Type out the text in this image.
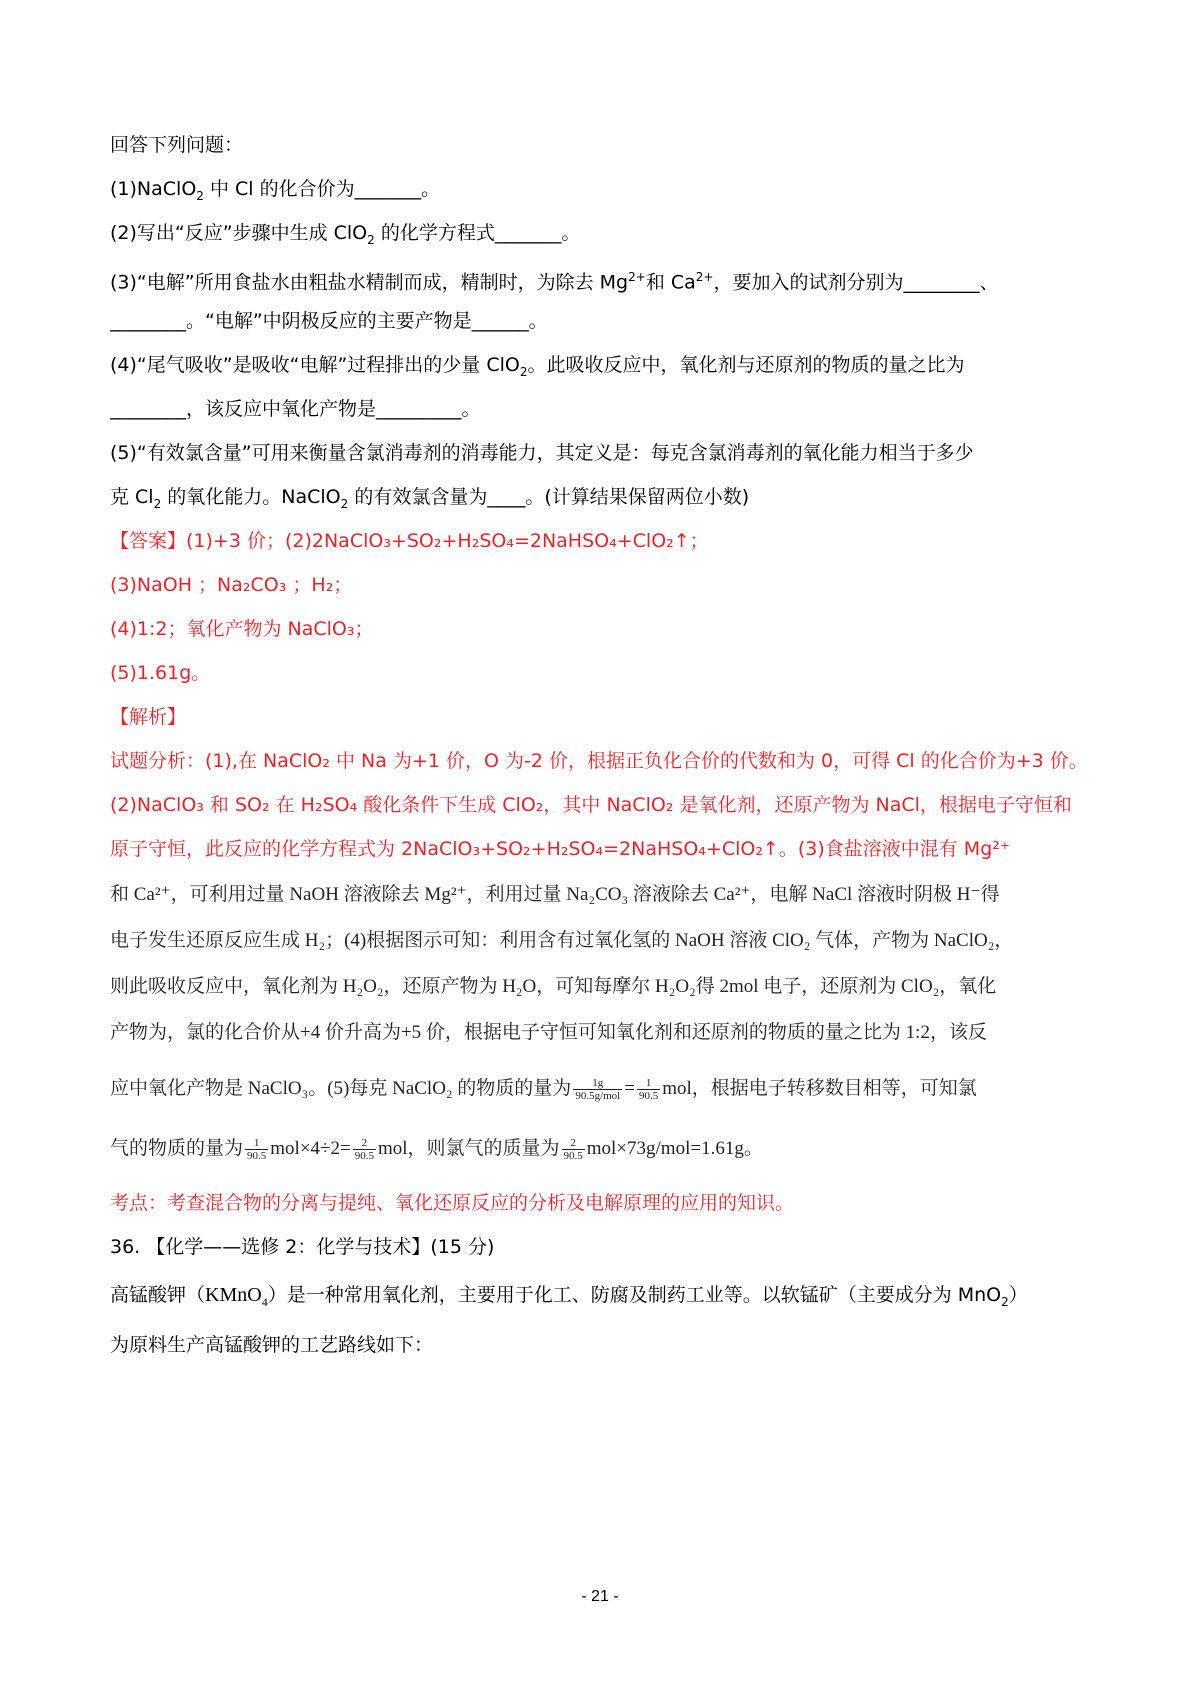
回答下列问题：
(1)NaClO$_2$ 中 Cl 的化合价为_______。
(2)写出“反应”步骤中生成 ClO$_2$ 的化学方程式_______。
(3)“电解”所用食盐水由粗盐水精制而成，精制时，为除去 $Mg^{2+}$和 $Ca^{2+}$，要加入的试剂分别为________、
________。“电解”中阴极反应的主要产物是______。
(4)“尾气吸收”是吸收“电解”过程排出的少量 ClO$_2$。此吸收反应中，氧化剂与还原剂的物质的量之比为
________，该反应中氧化产物是_________。
(5)“有效氯含量”可用来衡量含氯消毒剂的消毒能力，其定义是：每克含氯消毒剂的氧化能力相当于多少
克 $Cl_2$ 的氧化能力。NaClO$_2$ 的有效氯含量为____。(计算结果保留两位小数)
【答案】(1)+3 价；(2)2NaClO₃+SO₂+H₂SO₄=2NaHSO₄+ClO₂↑；
(3)NaOH ；Na₂CO₃ ；H₂；
(4)1:2；氧化产物为 NaClO₃；
(5)1.61g。
【解析】
试题分析：(1),在 NaClO₂ 中 Na 为+1 价，O 为-2 价，根据正负化合价的代数和为 0，可得 Cl 的化合价为+3 价。
(2)NaClO₃ 和 SO₂ 在 H₂SO₄ 酸化条件下生成 ClO₂，其中 NaClO₂ 是氧化剂，还原产物为 NaCl，根据电子守恒和
原子守恒，此反应的化学方程式为 2NaClO₃+SO₂+H₂SO₄=2NaHSO₄+ClO₂↑。(3)食盐溶液中混有 Mg²⁺
和 Ca²⁺，可利用过量 NaOH 溶液除去 Mg²⁺，利用过量 Na₂CO₃ 溶液除去 Ca²⁺，电解 NaCl 溶液时阴极 H⁻得
电子发生还原反应生成 H₂；(4)根据图示可知：利用含有过氧化氢的 NaOH 溶液 ClO₂ 气体，产物为 NaClO₂，
则此吸收反应中，氧化剂为 H₂O₂，还原产物为 H₂O，可知每摩尔 H₂O₂得 2mol 电子，还原剂为 ClO₂，氧化
产物为，氯的化合价从+4 价升高为+5 价，根据电子守恒可知氧化剂和还原剂的物质的量之比为 1:2，该反
应中氧化产物是 NaClO₃。(5)每克 NaClO₂ 的物质的量为 $\frac{1g}{\text{90.5g/mol}} = \frac{1}{90.5}$ mol，根据电子转移数目相等，可知氯
气的物质的量为 $\frac{1}{90.5} mol\times 4\div 2= \frac{2}{90.5}$ mol，则氯气的质量为 $\frac{2}{90.5} mol\times 73g/mol=1.61g$。
考点：考查混合物的分离与提纯、氧化还原反应的分析及电解原理的应用的知识。
36. 【化学——选修 2：化学与技术】(15 分)
高锰酸钾（KMnO$_4$）是一种常用氧化剂，主要用于化工、防腐及制药工业等。以软锰矿（主要成分为 MnO$_2$）
为原料生产高锰酸钾的工艺路线如下：
- 21 -
